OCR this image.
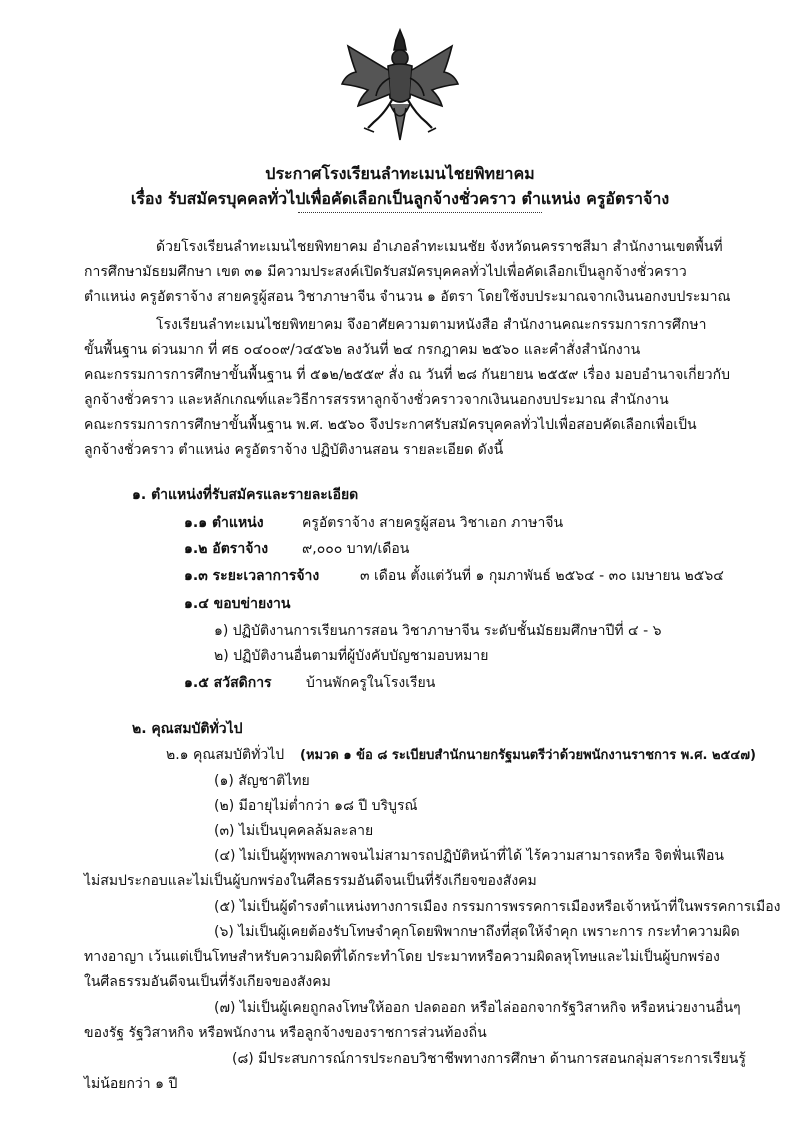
ประกาศโรงเรียนลำทะเมนไชยพิทยาคม
เรื่อง รับสมัครบุคคลทั่วไปเพื่อคัดเลือกเป็นลูกจ้างชั่วคราว ตำแหน่ง ครูอัตราจ้าง
ด้วยโรงเรียนลำทะเมนไชยพิทยาคม อำเภอลำทะเมนชัย จังหวัดนครราชสีมา สำนักงานเขตพื้นที่
การศึกษามัธยมศึกษา เขต ๓๑ มีความประสงค์เปิดรับสมัครบุคคลทั่วไปเพื่อคัดเลือกเป็นลูกจ้างชั่วคราว
ตำแหน่ง ครูอัตราจ้าง สายครูผู้สอน วิชาภาษาจีน จำนวน ๑ อัตรา โดยใช้งบประมาณจากเงินนอกงบประมาณ
โรงเรียนลำทะเมนไชยพิทยาคม จึงอาศัยความตามหนังสือ สำนักงานคณะกรรมการการศึกษา
ขั้นพื้นฐาน ด่วนมาก ที่ ศธ ๐๔๐๐๙/ว๔๕๖๒ ลงวันที่ ๒๔ กรกฎาคม ๒๕๖๐ และคำสั่งสำนักงาน
คณะกรรมการการศึกษาขั้นพื้นฐาน ที่ ๕๑๒/๒๕๕๙ สั่ง ณ วันที่ ๒๘ กันยายน ๒๕๕๙ เรื่อง มอบอำนาจเกี่ยวกับ
ลูกจ้างชั่วคราว และหลักเกณฑ์และวิธีการสรรหาลูกจ้างชั่วคราวจากเงินนอกงบประมาณ สำนักงาน
คณะกรรมการการศึกษาขั้นพื้นฐาน พ.ศ. ๒๕๖๐ จึงประกาศรับสมัครบุคคลทั่วไปเพื่อสอบคัดเลือกเพื่อเป็น
ลูกจ้างชั่วคราว ตำแหน่ง ครูอัตราจ้าง ปฏิบัติงานสอน รายละเอียด ดังนี้
๑. ตำแหน่งที่รับสมัครและรายละเอียด
๑.๑ ตำแหน่ง	ครูอัตราจ้าง สายครูผู้สอน วิชาเอก ภาษาจีน
๑.๒ อัตราจ้าง ๙,๐๐๐ บาท/เดือน
๑.๓ ระยะเวลาการจ้าง	๓ เดือน ตั้งแต่วันที่ ๑ กุมภาพันธ์ ๒๕๖๔ - ๓๐ เมษายน ๒๕๖๔
๑.๔ ขอบข่ายงาน
๑) ปฏิบัติงานการเรียนการสอน วิชาภาษาจีน ระดับชั้นมัธยมศึกษาปีที่ ๔ - ๖
๒) ปฏิบัติงานอื่นตามที่ผู้บังคับบัญชามอบหมาย
๑.๕ สวัสดิการ บ้านพักครูในโรงเรียน
๒. คุณสมบัติทั่วไป
๒.๑ คุณสมบัติทั่วไป (หมวด ๑ ข้อ ๘ ระเบียบสำนักนายกรัฐมนตรีว่าด้วยพนักงานราชการ พ.ศ. ๒๕๔๗)
(๑) สัญชาติไทย
(๒) มีอายุไม่ต่ำกว่า ๑๘ ปี บริบูรณ์
(๓) ไม่เป็นบุคคลล้มละลาย
(๔) ไม่เป็นผู้ทุพพลภาพจนไม่สามารถปฏิบัติหน้าที่ได้ ไร้ความสามารถหรือ จิตฟั่นเฟือน
ไม่สมประกอบและไม่เป็นผู้บกพร่องในศีลธรรมอันดีจนเป็นที่รังเกียจของสังคม
(๕) ไม่เป็นผู้ดำรงตำแหน่งทางการเมือง กรรมการพรรคการเมืองหรือเจ้าหน้าที่ในพรรคการเมือง
(๖) ไม่เป็นผู้เคยต้องรับโทษจำคุกโดยพิพากษาถึงที่สุดให้จำคุก เพราะการ กระทำความผิด
ทางอาญา เว้นแต่เป็นโทษสำหรับความผิดที่ได้กระทำโดย ประมาทหรือความผิดลหุโทษและไม่เป็นผู้บกพร่อง
ในศีลธรรมอันดีจนเป็นที่รังเกียจของสังคม
(๗) ไม่เป็นผู้เคยถูกลงโทษให้ออก ปลดออก หรือไล่ออกจากรัฐวิสาหกิจ หรือหน่วยงานอื่นๆ
ของรัฐ รัฐวิสาหกิจ หรือพนักงาน หรือลูกจ้างของราชการส่วนท้องถิ่น
(๘) มีประสบการณ์การประกอบวิชาชีพทางการศึกษา ด้านการสอนกลุ่มสาระการเรียนรู้
ไม่น้อยกว่า ๑ ปี
